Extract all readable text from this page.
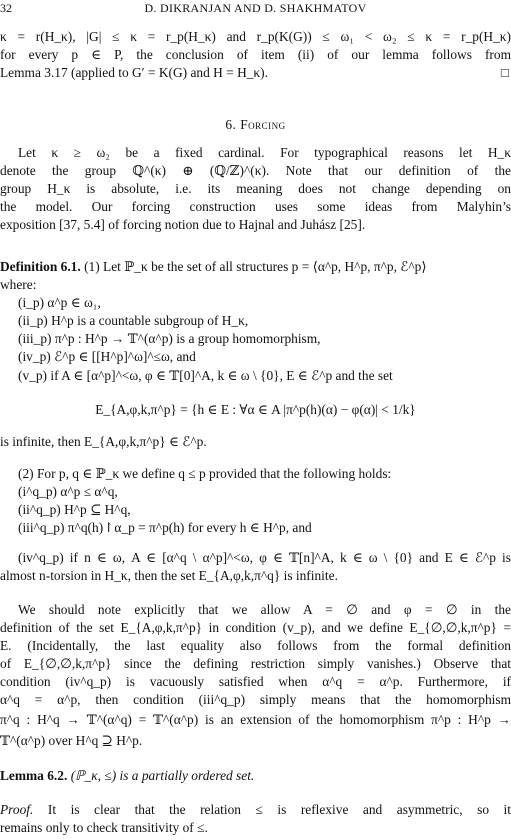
32	D. DIKRANJAN AND D. SHAKHMATOV
κ = r(H_κ), |G| ≤ κ = r_p(H_κ) and r_p(K(G)) ≤ ω₁ < ω₂ ≤ κ = r_p(H_κ)
for every p ∈ P, the conclusion of item (ii) of our lemma follows from
Lemma 3.17 (applied to G′ = K(G) and H = H_κ).	□
6. Forcing
Let κ ≥ ω₂ be a fixed cardinal. For typographical reasons let H_κ
denote the group ℚ^(κ) ⊕ (ℚ/ℤ)^(κ). Note that our definition of the
group H_κ is absolute, i.e. its meaning does not change depending on
the model. Our forcing construction uses some ideas from Malyhin’s
exposition [37, 5.4] of forcing notion due to Hajnal and Juhász [25].
Definition 6.1. (1) Let ℙ_κ be the set of all structures p = ⟨α^p, H^p, π^p, ℰ^p⟩
where:
(i_p) α^p ∈ ω₁,
(ii_p) H^p is a countable subgroup of H_κ,
(iii_p) π^p : H^p → 𝕋^(α^p) is a group homomorphism,
(iv_p) ℰ^p ∈ [[H^p]^ω]^≤ω, and
(v_p) if A ∈ [α^p]^<ω, φ ∈ 𝕋[0]^A, k ∈ ω \ {0}, E ∈ ℰ^p and the set
E_{A,φ,k,π^p} = {h ∈ E : ∀α ∈ A |π^p(h)(α) − φ(α)| < 1/k}
is infinite, then E_{A,φ,k,π^p} ∈ ℰ^p.
(2) For p, q ∈ ℙ_κ we define q ≤ p provided that the following holds:
(i^q_p) α^p ≤ α^q,
(ii^q_p) H^p ⊆ H^q,
(iii^q_p) π^q(h)↾α_p = π^p(h) for every h ∈ H^p, and
(iv^q_p) if n ∈ ω, A ∈ [α^q \ α^p]^<ω, φ ∈ 𝕋[n]^A, k ∈ ω \ {0} and E ∈ ℰ^p is
almost n-torsion in H_κ, then the set E_{A,φ,k,π^q} is infinite.
We should note explicitly that we allow A = ∅ and φ = ∅ in the
definition of the set E_{A,φ,k,π^p} in condition (v_p), and we define E_{∅,∅,k,π^p} =
E. (Incidentally, the last equality also follows from the formal definition
of E_{∅,∅,k,π^p} since the defining restriction simply vanishes.) Observe that
condition (iv^q_p) is vacuously satisfied when α^q = α^p. Furthermore, if
α^q = α^p, then condition (iii^q_p) simply means that the homomorphism
π^q : H^q → 𝕋^(α^q) = 𝕋^(α^p) is an extension of the homomorphism π^p : H^p →
𝕋^(α^p) over H^q ⊇ H^p.
Lemma 6.2. (ℙ_κ, ≤) is a partially ordered set.
Proof. It is clear that the relation ≤ is reflexive and asymmetric, so it
remains only to check transitivity of ≤.
